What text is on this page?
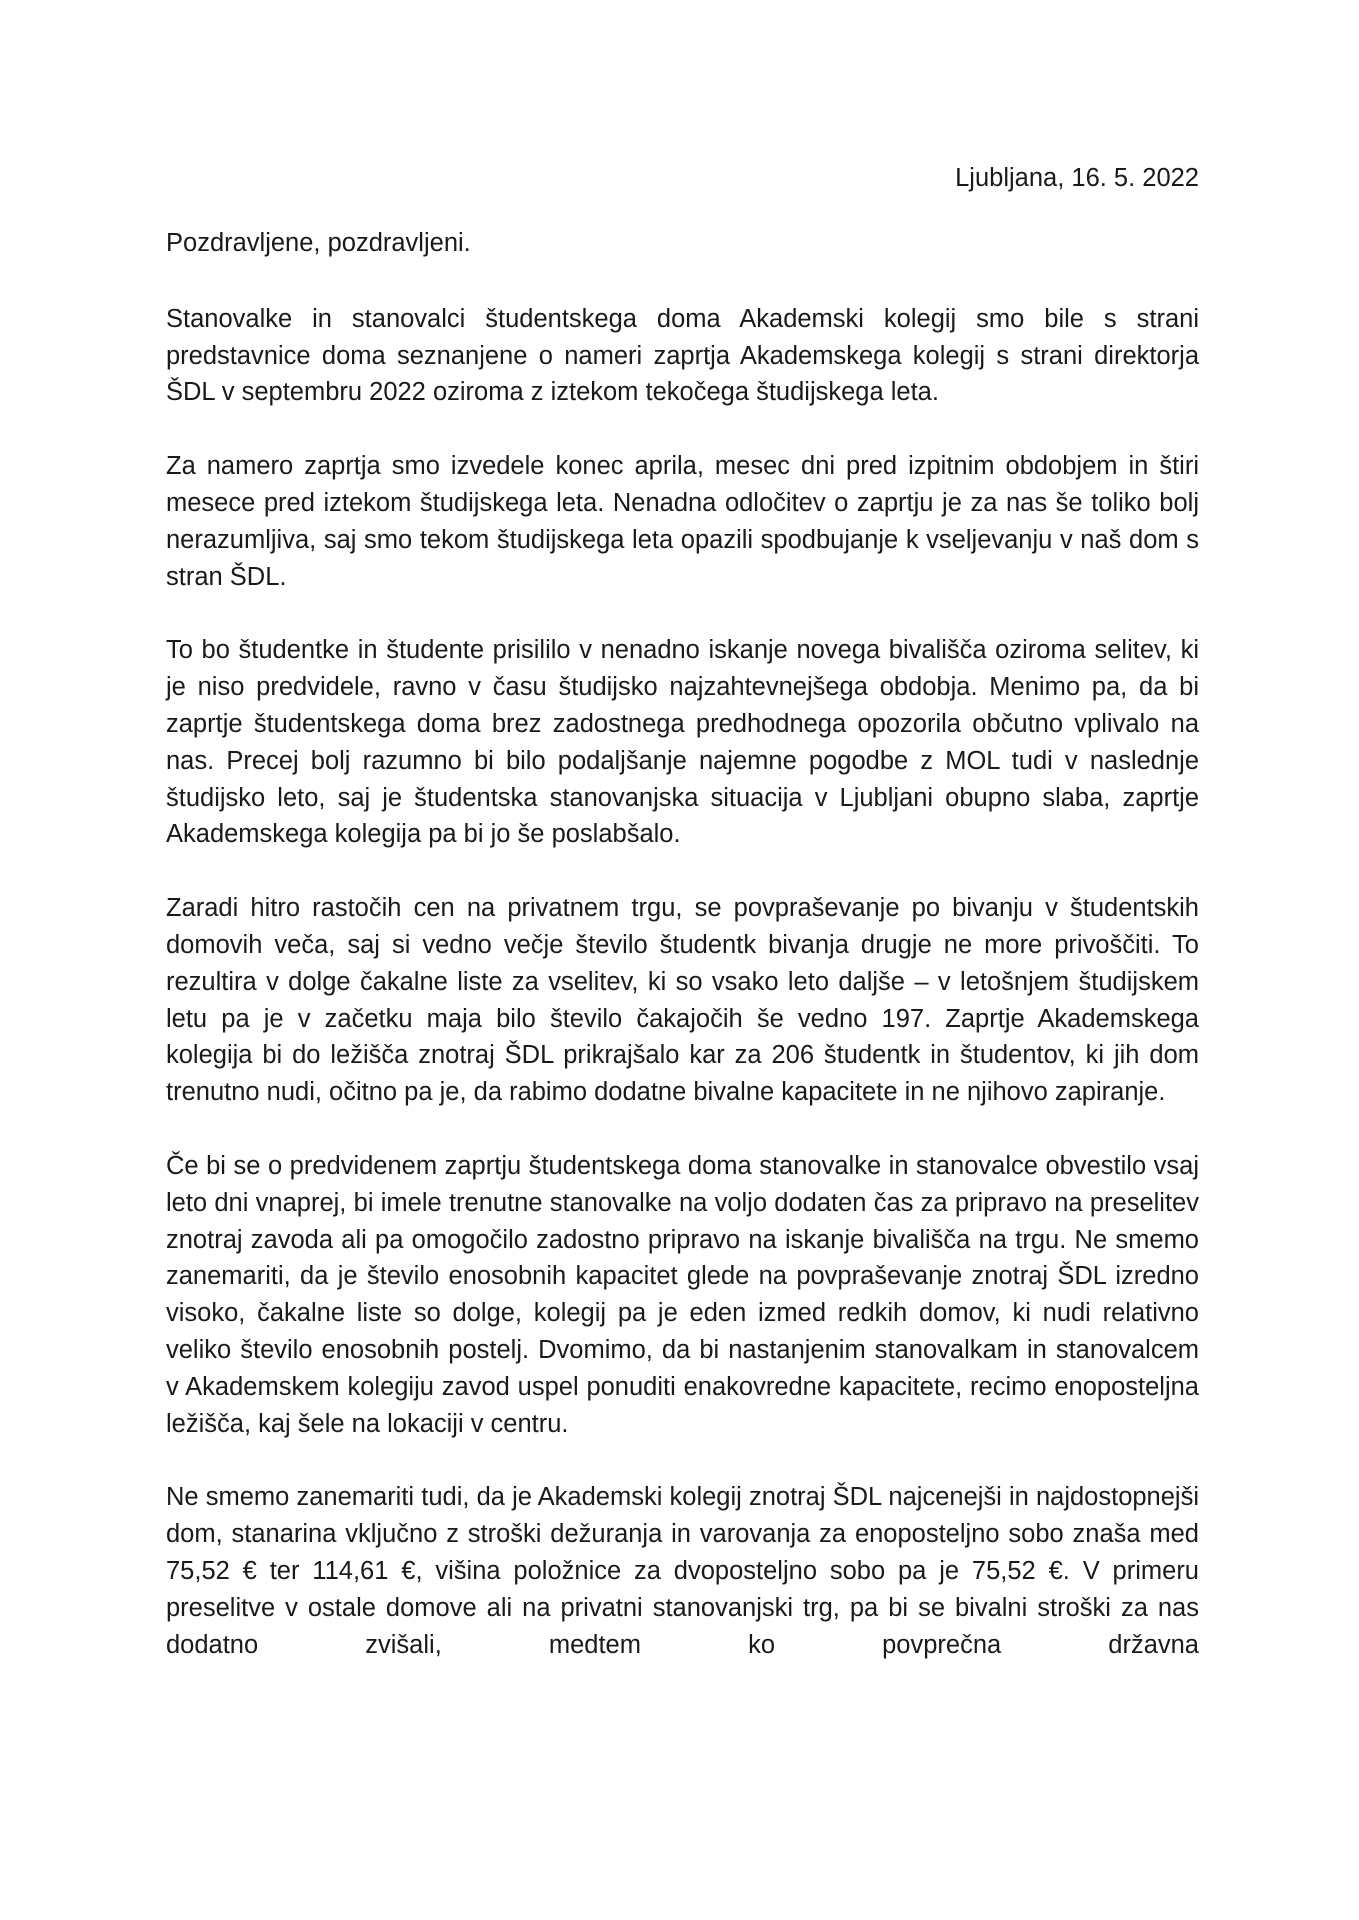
Ljubljana, 16. 5. 2022

Pozdravljene, pozdravljeni.

Stanovalke in stanovalci študentskega doma Akademski kolegij smo bile s strani predstavnice doma seznanjene o nameri zaprtja Akademskega kolegij s strani direktorja ŠDL v septembru 2022 oziroma z iztekom tekočega študijskega leta.

Za namero zaprtja smo izvedele konec aprila, mesec dni pred izpitnim obdobjem in štiri mesece pred iztekom študijskega leta. Nenadna odločitev o zaprtju je za nas še toliko bolj nerazumljiva, saj smo tekom študijskega leta opazili spodbujanje k vseljevanju v naš dom s stran ŠDL.

To bo študentke in študente prisililo v nenadno iskanje novega bivališča oziroma selitev, ki je niso predvidele, ravno v času študijsko najzahtevnejšega obdobja. Menimo pa, da bi zaprtje študentskega doma brez zadostnega predhodnega opozorila občutno vplivalo na nas. Precej bolj razumno bi bilo podaljšanje najemne pogodbe z MOL tudi v naslednje študijsko leto, saj je študentska stanovanjska situacija v Ljubljani obupno slaba, zaprtje Akademskega kolegija pa bi jo še poslabšalo.

Zaradi hitro rastočih cen na privatnem trgu, se povpraševanje po bivanju v študentskih domovih veča, saj si vedno večje število študentk bivanja drugje ne more privoščiti. To rezultira v dolge čakalne liste za vselitev, ki so vsako leto daljše – v letošnjem študijskem letu pa je v začetku maja bilo število čakajočih še vedno 197. Zaprtje Akademskega kolegija bi do ležišča znotraj ŠDL prikrajšalo kar za 206 študentk in študentov, ki jih dom trenutno nudi, očitno pa je, da rabimo dodatne bivalne kapacitete in ne njihovo zapiranje.

Če bi se o predvidenem zaprtju študentskega doma stanovalke in stanovalce obvestilo vsaj leto dni vnaprej, bi imele trenutne stanovalke na voljo dodaten čas za pripravo na preselitev znotraj zavoda ali pa omogočilo zadostno pripravo na iskanje bivališča na trgu. Ne smemo zanemariti, da je število enosobnih kapacitet glede na povpraševanje znotraj ŠDL izredno visoko, čakalne liste so dolge, kolegij pa je eden izmed redkih domov, ki nudi relativno veliko število enosobnih postelj. Dvomimo, da bi nastanjenim stanovalkam in stanovalcem v Akademskem kolegiju zavod uspel ponuditi enakovredne kapacitete, recimo enoposteljna ležišča, kaj šele na lokaciji v centru.

Ne smemo zanemariti tudi, da je Akademski kolegij znotraj ŠDL najcenejši in najdostopnejši dom, stanarina vključno z stroški dežuranja in varovanja za enoposteljno sobo znaša med 75,52 € ter 114,61 €, višina položnice za dvoposteljno sobo pa je 75,52 €. V primeru preselitve v ostale domove ali na privatni stanovanjski trg, pa bi se bivalni stroški za nas dodatno zvišali, medtem ko povprečna državna
